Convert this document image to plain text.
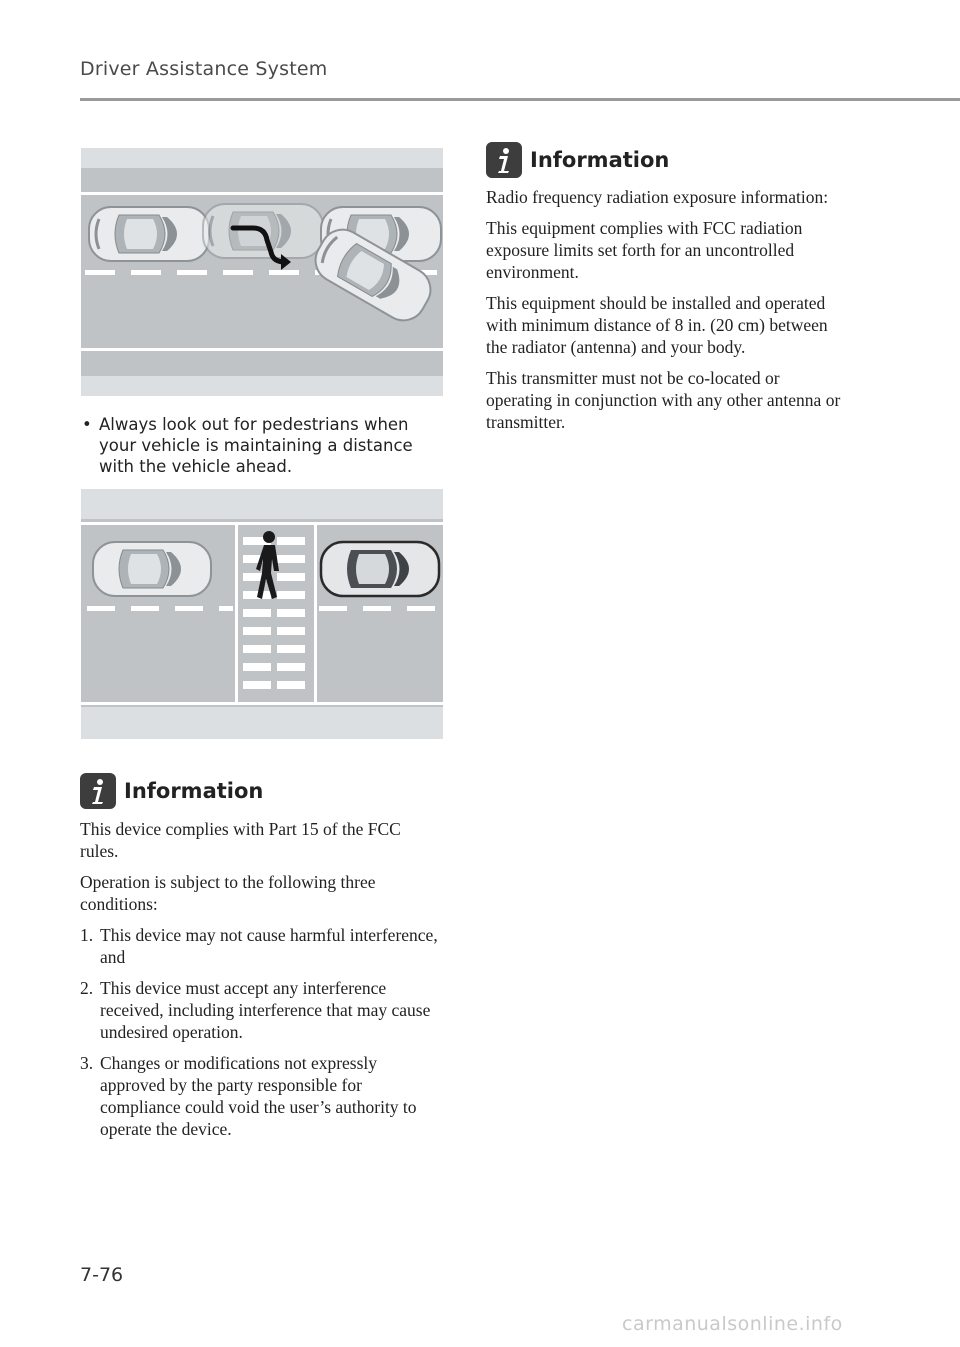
Driver Assistance System
• Always look out for pedestrians when your vehicle is maintaining a distance with the vehicle ahead.
Information

This device complies with Part 15 of the FCC rules.

Operation is subject to the following three conditions:

1. This device may not cause harmful interference, and
2. This device must accept any interference received, including interference that may cause undesired operation.
3. Changes or modifications not expressly approved by the party responsible for compliance could void the user’s authority to operate the device.
Information

Radio frequency radiation exposure information:

This equipment complies with FCC radiation exposure limits set forth for an uncontrolled environment.

This equipment should be installed and operated with minimum distance of 8 in. (20 cm) between the radiator (antenna) and your body.

This transmitter must not be co-located or operating in conjunction with any other antenna or transmitter.

7-76
carmanualsonline.info
